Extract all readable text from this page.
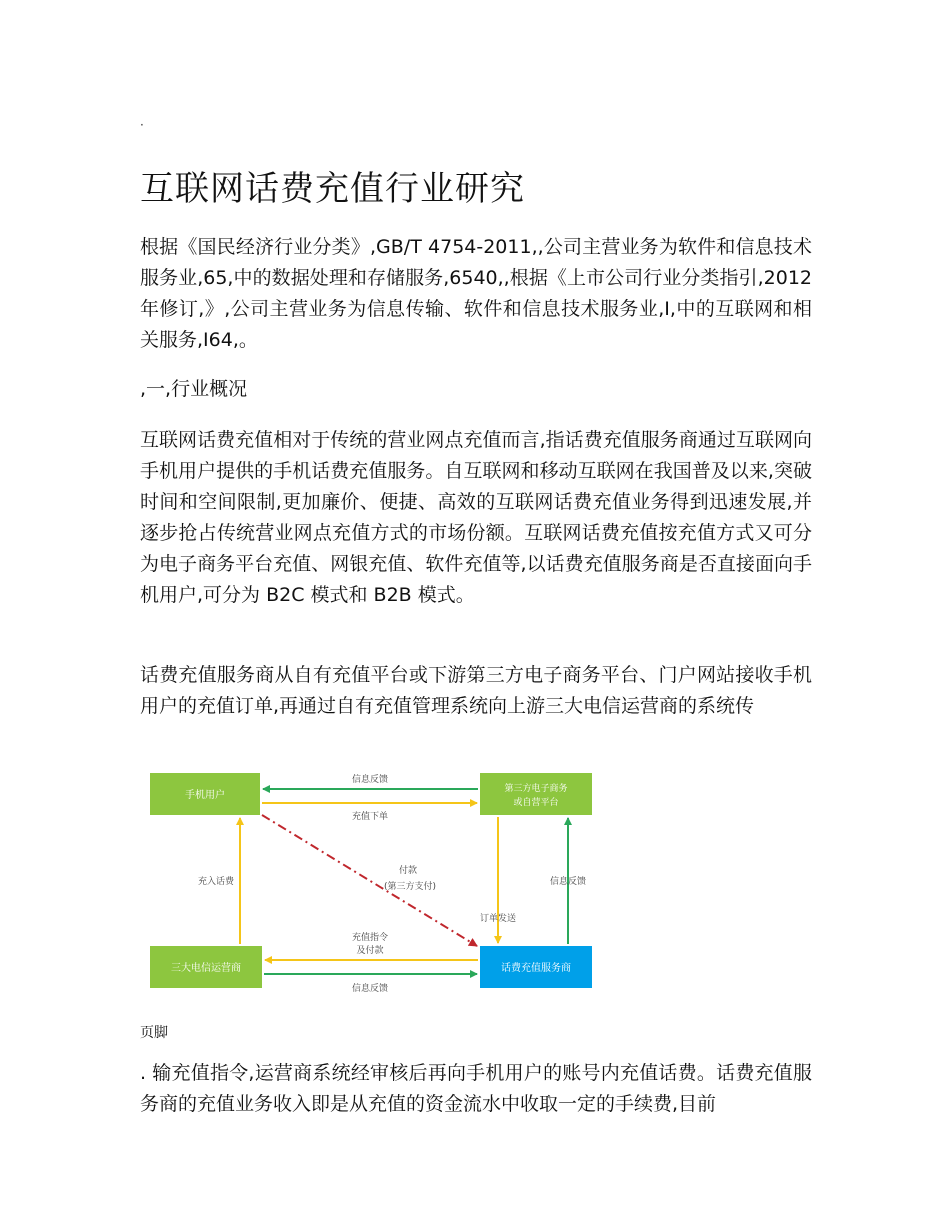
·
互联网话费充值行业研究

根据《国民经济行业分类》,GB/T 4754-2011,,公司主营业务为软件和信息技术服务业,65,中的数据处理和存储服务,6540,,根据《上市公司行业分类指引,2012 年修订,》,公司主营业务为信息传输、软件和信息技术服务业,I,中的互联网和相关服务,I64,。

,一,行业概况

互联网话费充值相对于传统的营业网点充值而言,指话费充值服务商通过互联网向手机用户提供的手机话费充值服务。自互联网和移动互联网在我国普及以来,突破时间和空间限制,更加廉价、便捷、高效的互联网话费充值业务得到迅速发展,并逐步抢占传统营业网点充值方式的市场份额。互联网话费充值按充值方式又可分为电子商务平台充值、网银充值、软件充值等,以话费充值服务商是否直接面向手机用户,可分为 B2C 模式和 B2B 模式。

话费充值服务商从自有充值平台或下游第三方电子商务平台、门户网站接收手机用户的充值订单,再通过自有充值管理系统向上游三大电信运营商的系统传

手机用户
第三方电子商务
或自营平台
三大电信运营商	话费充值服务商
信息反馈
充值下单
充入话费
付款
(第三方支付)
订单发送
信息反馈
充值指令
及付款
信息反馈
页脚

. 输充值指令,运营商系统经审核后再向手机用户的账号内充值话费。话费充值服务商的充值业务收入即是从充值的资金流水中收取一定的手续费,目前
